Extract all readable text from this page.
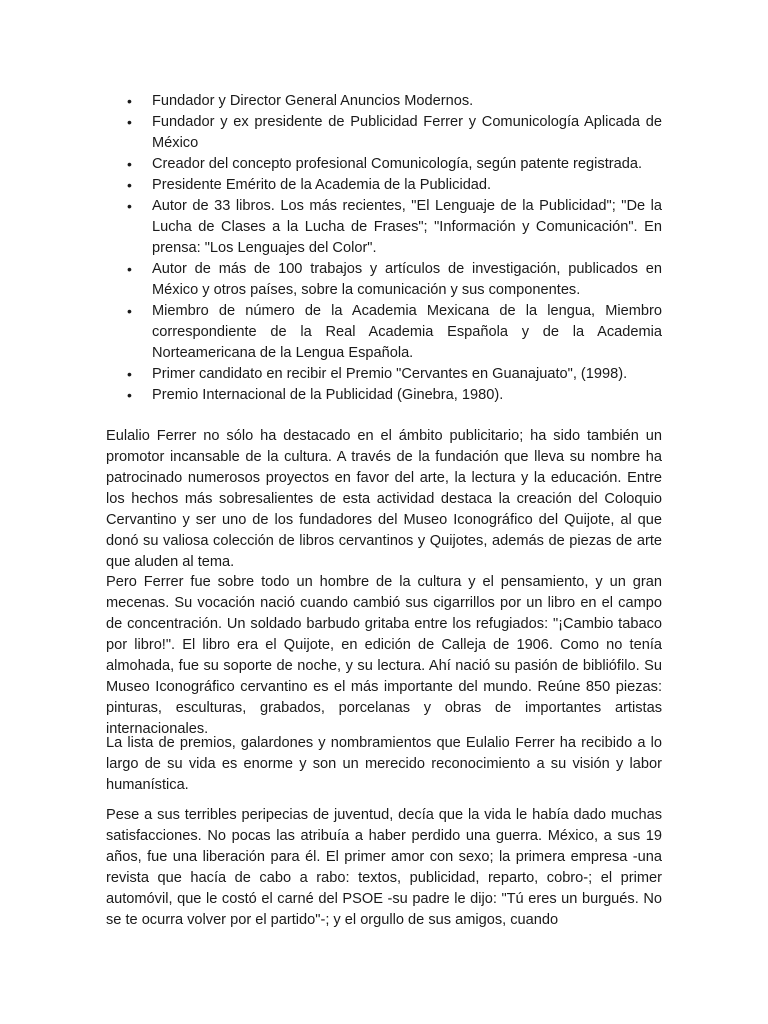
• Fundador y Director General Anuncios Modernos.
• Fundador y ex presidente de Publicidad Ferrer y Comunicología Aplicada de México
• Creador del concepto profesional Comunicología, según patente registrada.
• Presidente Emérito de la Academia de la Publicidad.
• Autor de 33 libros. Los más recientes, "El Lenguaje de la Publicidad"; "De la Lucha de Clases a la Lucha de Frases"; "Información y Comunicación". En prensa: "Los Lenguajes del Color".
• Autor de más de 100 trabajos y artículos de investigación, publicados en México y otros países, sobre la comunicación y sus componentes.
• Miembro de número de la Academia Mexicana de la lengua, Miembro correspondiente de la Real Academia Española y de la Academia Norteamericana de la Lengua Española.
• Primer candidato en recibir el Premio "Cervantes en Guanajuato", (1998).
• Premio Internacional de la Publicidad (Ginebra, 1980).

Eulalio Ferrer no sólo ha destacado en el ámbito publicitario; ha sido también un promotor incansable de la cultura. A través de la fundación que lleva su nombre ha patrocinado numerosos proyectos en favor del arte, la lectura y la educación. Entre los hechos más sobresalientes de esta actividad destaca la creación del Coloquio Cervantino y ser uno de los fundadores del Museo Iconográfico del Quijote, al que donó su valiosa colección de libros cervantinos y Quijotes, además de piezas de arte que aluden al tema.

Pero Ferrer fue sobre todo un hombre de la cultura y el pensamiento, y un gran mecenas. Su vocación nació cuando cambió sus cigarrillos por un libro en el campo de concentración. Un soldado barbudo gritaba entre los refugiados: "¡Cambio tabaco por libro!". El libro era el Quijote, en edición de Calleja de 1906. Como no tenía almohada, fue su soporte de noche, y su lectura. Ahí nació su pasión de bibliófilo. Su Museo Iconográfico cervantino es el más importante del mundo. Reúne 850 piezas: pinturas, esculturas, grabados, porcelanas y obras de importantes artistas internacionales.

La lista de premios, galardones y nombramientos que Eulalio Ferrer ha recibido a lo largo de su vida es enorme y son un merecido reconocimiento a su visión y labor humanística.

Pese a sus terribles peripecias de juventud, decía que la vida le había dado muchas satisfacciones. No pocas las atribuía a haber perdido una guerra. México, a sus 19 años, fue una liberación para él. El primer amor con sexo; la primera empresa -una revista que hacía de cabo a rabo: textos, publicidad, reparto, cobro-; el primer automóvil, que le costó el carné del PSOE -su padre le dijo: "Tú eres un burgués. No se te ocurra volver por el partido"-; y el orgullo de sus amigos, cuando
